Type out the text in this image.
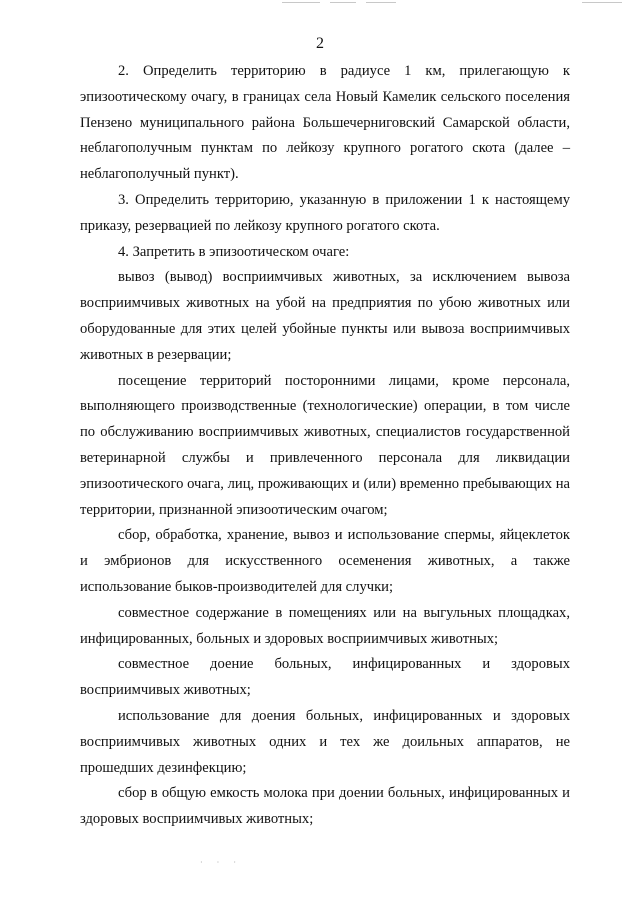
2

2. Определить территорию в радиусе 1 км, прилегающую к эпизоотическому очагу, в границах села Новый Камелик сельского поселения Пензено муниципального района Большечерниговский Самарской области, неблагополучным пунктам по лейкозу крупного рогатого скота (далее – неблагополучный пункт).

3. Определить территорию, указанную в приложении 1 к настоящему приказу, резервацией по лейкозу крупного рогатого скота.

4. Запретить в эпизоотическом очаге:

вывоз (вывод) восприимчивых животных, за исключением вывоза восприимчивых животных на убой на предприятия по убою животных или оборудованные для этих целей убойные пункты или вывоза восприимчивых животных в резервации;

посещение территорий посторонними лицами, кроме персонала, выполняющего производственные (технологические) операции, в том числе по обслуживанию восприимчивых животных, специалистов государственной ветеринарной службы и привлеченного персонала для ликвидации эпизоотического очага, лиц, проживающих и (или) временно пребывающих на территории, признанной эпизоотическим очагом;

сбор, обработка, хранение, вывоз и использование спермы, яйцеклеток и эмбрионов для искусственного осеменения животных, а также использование быков-производителей для случки;

совместное содержание в помещениях или на выгульных площадках, инфицированных, больных и здоровых восприимчивых животных;

совместное доение больных, инфицированных и здоровых восприимчивых животных;

использование для доения больных, инфицированных и здоровых восприимчивых животных одних и тех же доильных аппаратов, не прошедших дезинфекцию;

сбор в общую емкость молока при доении больных, инфицированных и здоровых восприимчивых животных;

· · ·
